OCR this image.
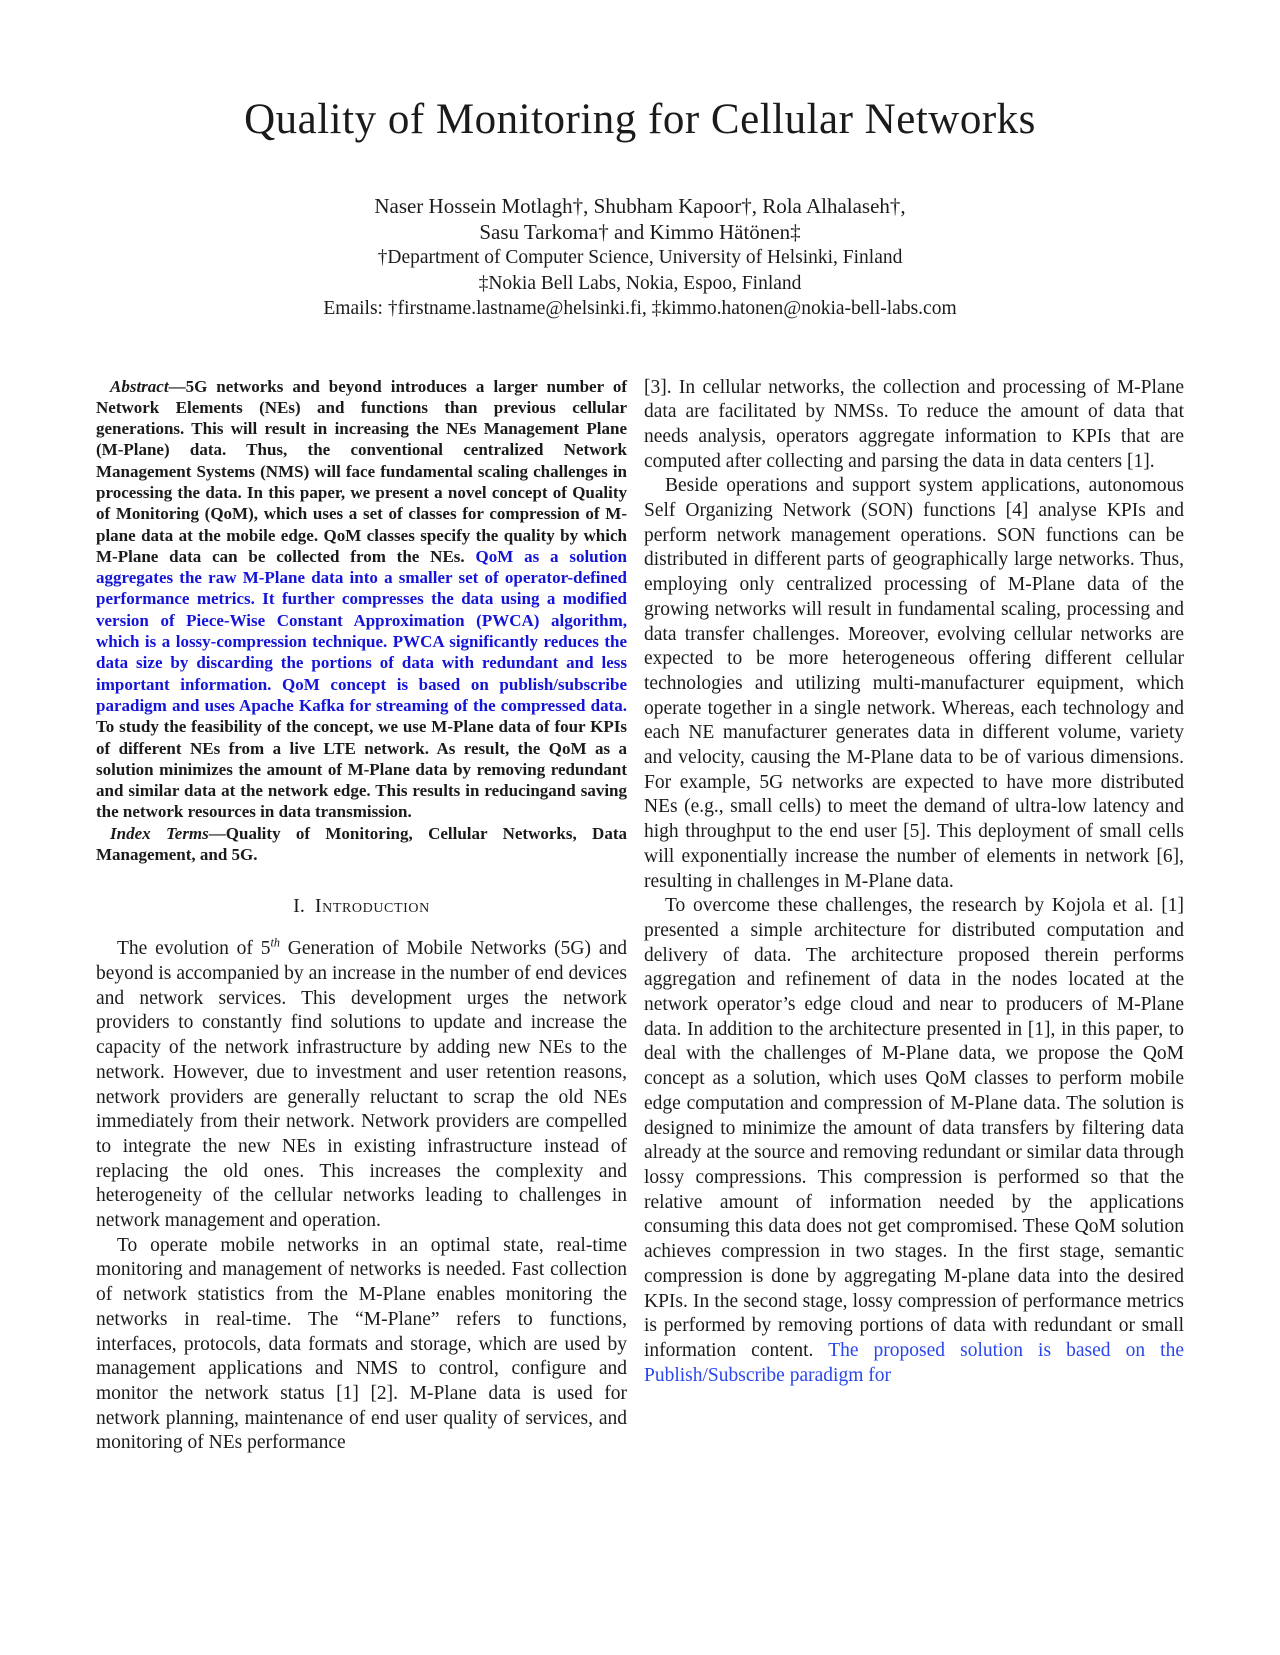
Quality of Monitoring for Cellular Networks
Naser Hossein Motlagh†, Shubham Kapoor†, Rola Alhalaseh†,
Sasu Tarkoma† and Kimmo Hätönen‡
†Department of Computer Science, University of Helsinki, Finland
‡Nokia Bell Labs, Nokia, Espoo, Finland
Emails: †firstname.lastname@helsinki.fi, ‡kimmo.hatonen@nokia-bell-labs.com

Abstract—5G networks and beyond introduces a larger number of Network Elements (NEs) and functions than previous cellular generations. This will result in increasing the NEs Management Plane (M-Plane) data. Thus, the conventional centralized Network Management Systems (NMS) will face fundamental scaling challenges in processing the data. In this paper, we present a novel concept of Quality of Monitoring (QoM), which uses a set of classes for compression of M-plane data at the mobile edge. QoM classes specify the quality by which M-Plane data can be collected from the NEs. QoM as a solution aggregates the raw M-Plane data into a smaller set of operator-defined performance metrics. It further compresses the data using a modified version of Piece-Wise Constant Approximation (PWCA) algorithm, which is a lossy-compression technique. PWCA significantly reduces the data size by discarding the portions of data with redundant and less important information. QoM concept is based on publish/subscribe paradigm and uses Apache Kafka for streaming of the compressed data. To study the feasibility of the concept, we use M-Plane data of four KPIs of different NEs from a live LTE network. As result, the QoM as a solution minimizes the amount of M-Plane data by removing redundant and similar data at the network edge. This results in reducingand saving the network resources in data transmission.

Index Terms—Quality of Monitoring, Cellular Networks, Data Management, and 5G.

I. Introduction

The evolution of 5th Generation of Mobile Networks (5G) and beyond is accompanied by an increase in the number of end devices and network services. This development urges the network providers to constantly find solutions to update and increase the capacity of the network infrastructure by adding new NEs to the network. However, due to investment and user retention reasons, network providers are generally reluctant to scrap the old NEs immediately from their network. Network providers are compelled to integrate the new NEs in existing infrastructure instead of replacing the old ones. This increases the complexity and heterogeneity of the cellular networks leading to challenges in network management and operation.

To operate mobile networks in an optimal state, real-time monitoring and management of networks is needed. Fast collection of network statistics from the M-Plane enables monitoring the networks in real-time. The “M-Plane” refers to functions, interfaces, protocols, data formats and storage, which are used by management applications and NMS to control, configure and monitor the network status [1] [2]. M-Plane data is used for network planning, maintenance of end user quality of services, and monitoring of NEs performance

[3]. In cellular networks, the collection and processing of M-Plane data are facilitated by NMSs. To reduce the amount of data that needs analysis, operators aggregate information to KPIs that are computed after collecting and parsing the data in data centers [1].

Beside operations and support system applications, autonomous Self Organizing Network (SON) functions [4] analyse KPIs and perform network management operations. SON functions can be distributed in different parts of geographically large networks. Thus, employing only centralized processing of M-Plane data of the growing networks will result in fundamental scaling, processing and data transfer challenges. Moreover, evolving cellular networks are expected to be more heterogeneous offering different cellular technologies and utilizing multi-manufacturer equipment, which operate together in a single network. Whereas, each technology and each NE manufacturer generates data in different volume, variety and velocity, causing the M-Plane data to be of various dimensions. For example, 5G networks are expected to have more distributed NEs (e.g., small cells) to meet the demand of ultra-low latency and high throughput to the end user [5]. This deployment of small cells will exponentially increase the number of elements in network [6], resulting in challenges in M-Plane data.

To overcome these challenges, the research by Kojola et al. [1] presented a simple architecture for distributed computation and delivery of data. The architecture proposed therein performs aggregation and refinement of data in the nodes located at the network operator’s edge cloud and near to producers of M-Plane data. In addition to the architecture presented in [1], in this paper, to deal with the challenges of M-Plane data, we propose the QoM concept as a solution, which uses QoM classes to perform mobile edge computation and compression of M-Plane data. The solution is designed to minimize the amount of data transfers by filtering data already at the source and removing redundant or similar data through lossy compressions. This compression is performed so that the relative amount of information needed by the applications consuming this data does not get compromised. These QoM solution achieves compression in two stages. In the first stage, semantic compression is done by aggregating M-plane data into the desired KPIs. In the second stage, lossy compression of performance metrics is performed by removing portions of data with redundant or small information content. The proposed solution is based on the Publish/Subscribe paradigm for
